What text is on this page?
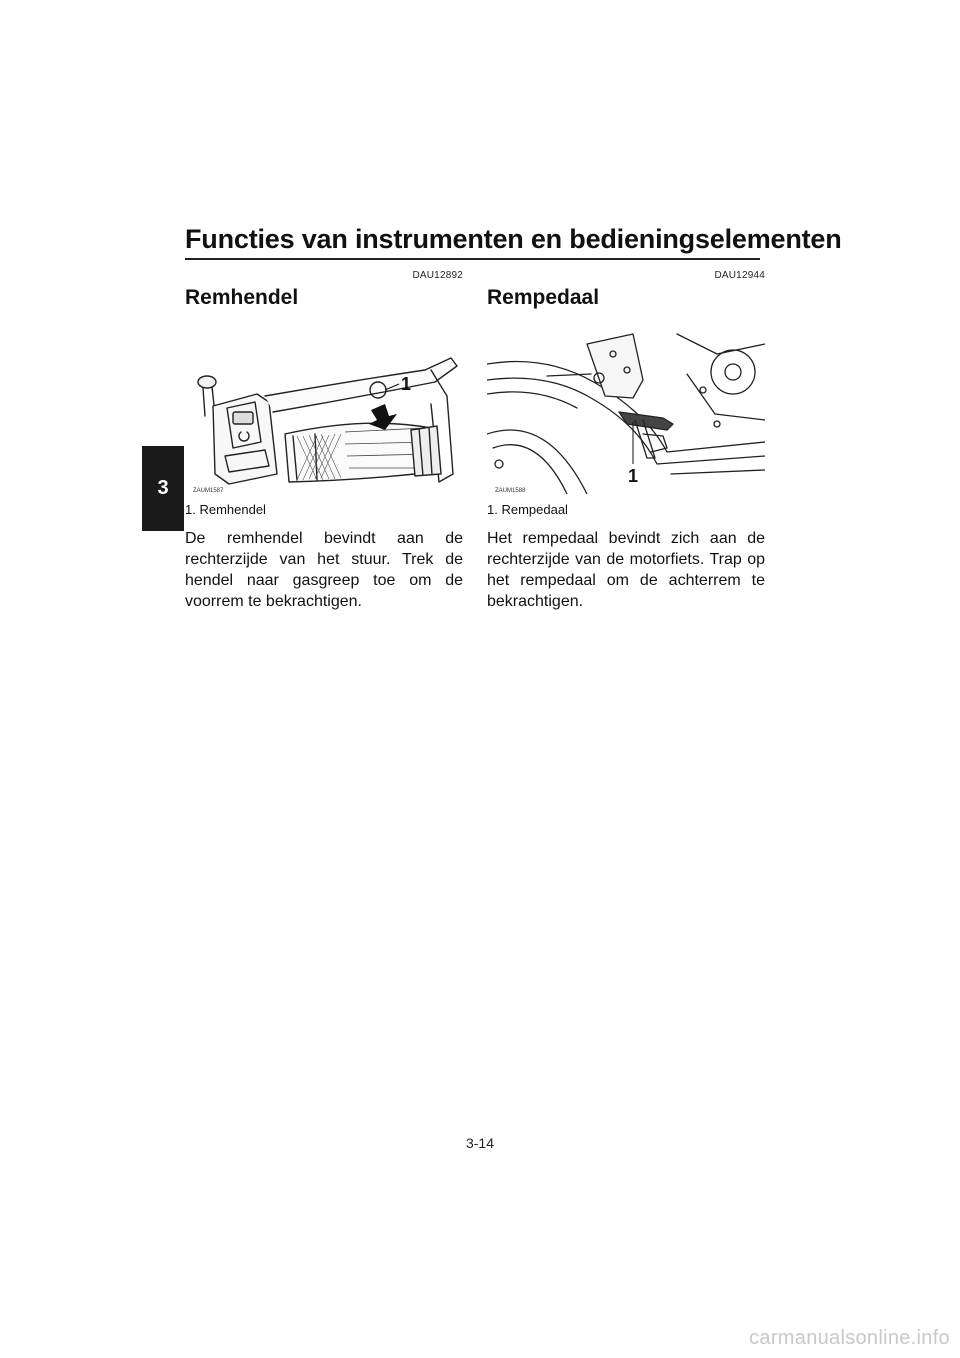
Functies van instrumenten en bedieningselementen
3
DAU12892
Remhendel
1
ZAUM1587
1. Remhendel
De remhendel bevindt aan de rechterzijde van het stuur. Trek de hendel naar gasgreep toe om de voorrem te bekrachtigen.
DAU12944
Rempedaal
1
ZAUM1588
1. Rempedaal
Het rempedaal bevindt zich aan de rechterzijde van de motorfiets. Trap op het rempedaal om de achterrem te bekrachtigen.
3-14
carmanualsonline.info
